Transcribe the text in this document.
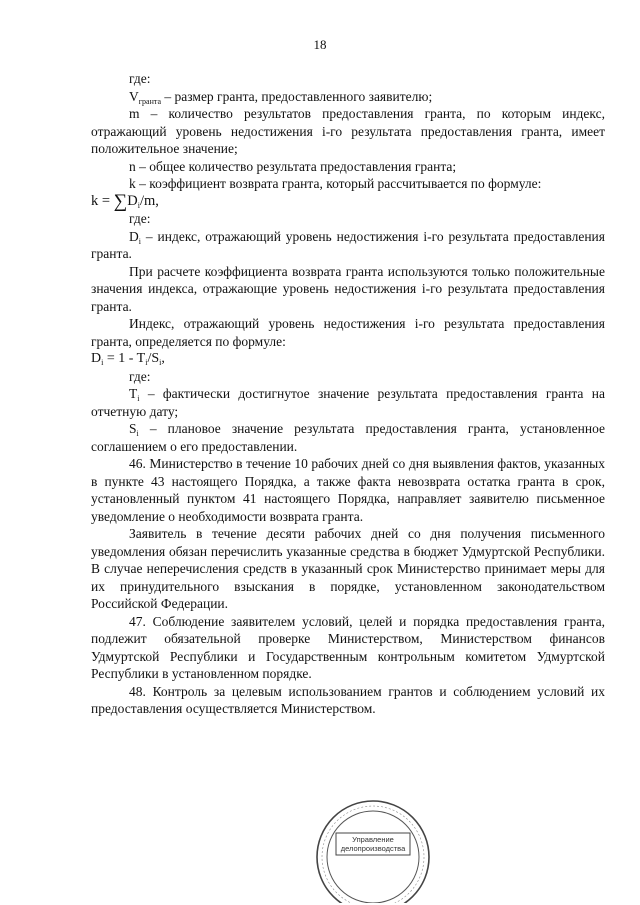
18

где:

$V_{гранта}$ – размер гранта, предоставленного заявителю;

m – количество результатов предоставления гранта, по которым индекс, отражающий уровень недостижения i-го результата предоставления гранта, имеет положительное значение;

n – общее количество результата предоставления гранта;

k – коэффициент возврата гранта, который рассчитывается по формуле:

$k = \sum D_i/m$,

где:

$D_i$ – индекс, отражающий уровень недостижения i-го результата предоставления гранта.

При расчете коэффициента возврата гранта используются только положительные значения индекса, отражающие уровень недостижения i-го результата предоставления гранта.

Индекс, отражающий уровень недостижения i-го результата предоставления гранта, определяется по формуле:

$D_i = 1 - T_i/S_i$,

где:

$T_i$ – фактически достигнутое значение результата предоставления гранта на отчетную дату;

$S_i$ – плановое значение результата предоставления гранта, установленное соглашением о его предоставлении.

46. Министерство в течение 10 рабочих дней со дня выявления фактов, указанных в пункте 43 настоящего Порядка, а также факта невозврата остатка гранта в срок, установленный пунктом 41 настоящего Порядка, направляет заявителю письменное уведомление о необходимости возврата гранта.

Заявитель в течение десяти рабочих дней со дня получения письменного уведомления обязан перечислить указанные средства в бюджет Удмуртской Республики. В случае неперечисления средств в указанный срок Министерство принимает меры для их принудительного взыскания в порядке, установленном законодательством Российской Федерации.

47. Соблюдение заявителем условий, целей и порядка предоставления гранта, подлежит обязательной проверке Министерством, Министерством финансов Удмуртской Республики и Государственным контрольным комитетом Удмуртской Республики в установленном порядке.

48. Контроль за целевым использованием грантов и соблюдением условий их предоставления осуществляется Министерством.

Управление
делопроизводства
